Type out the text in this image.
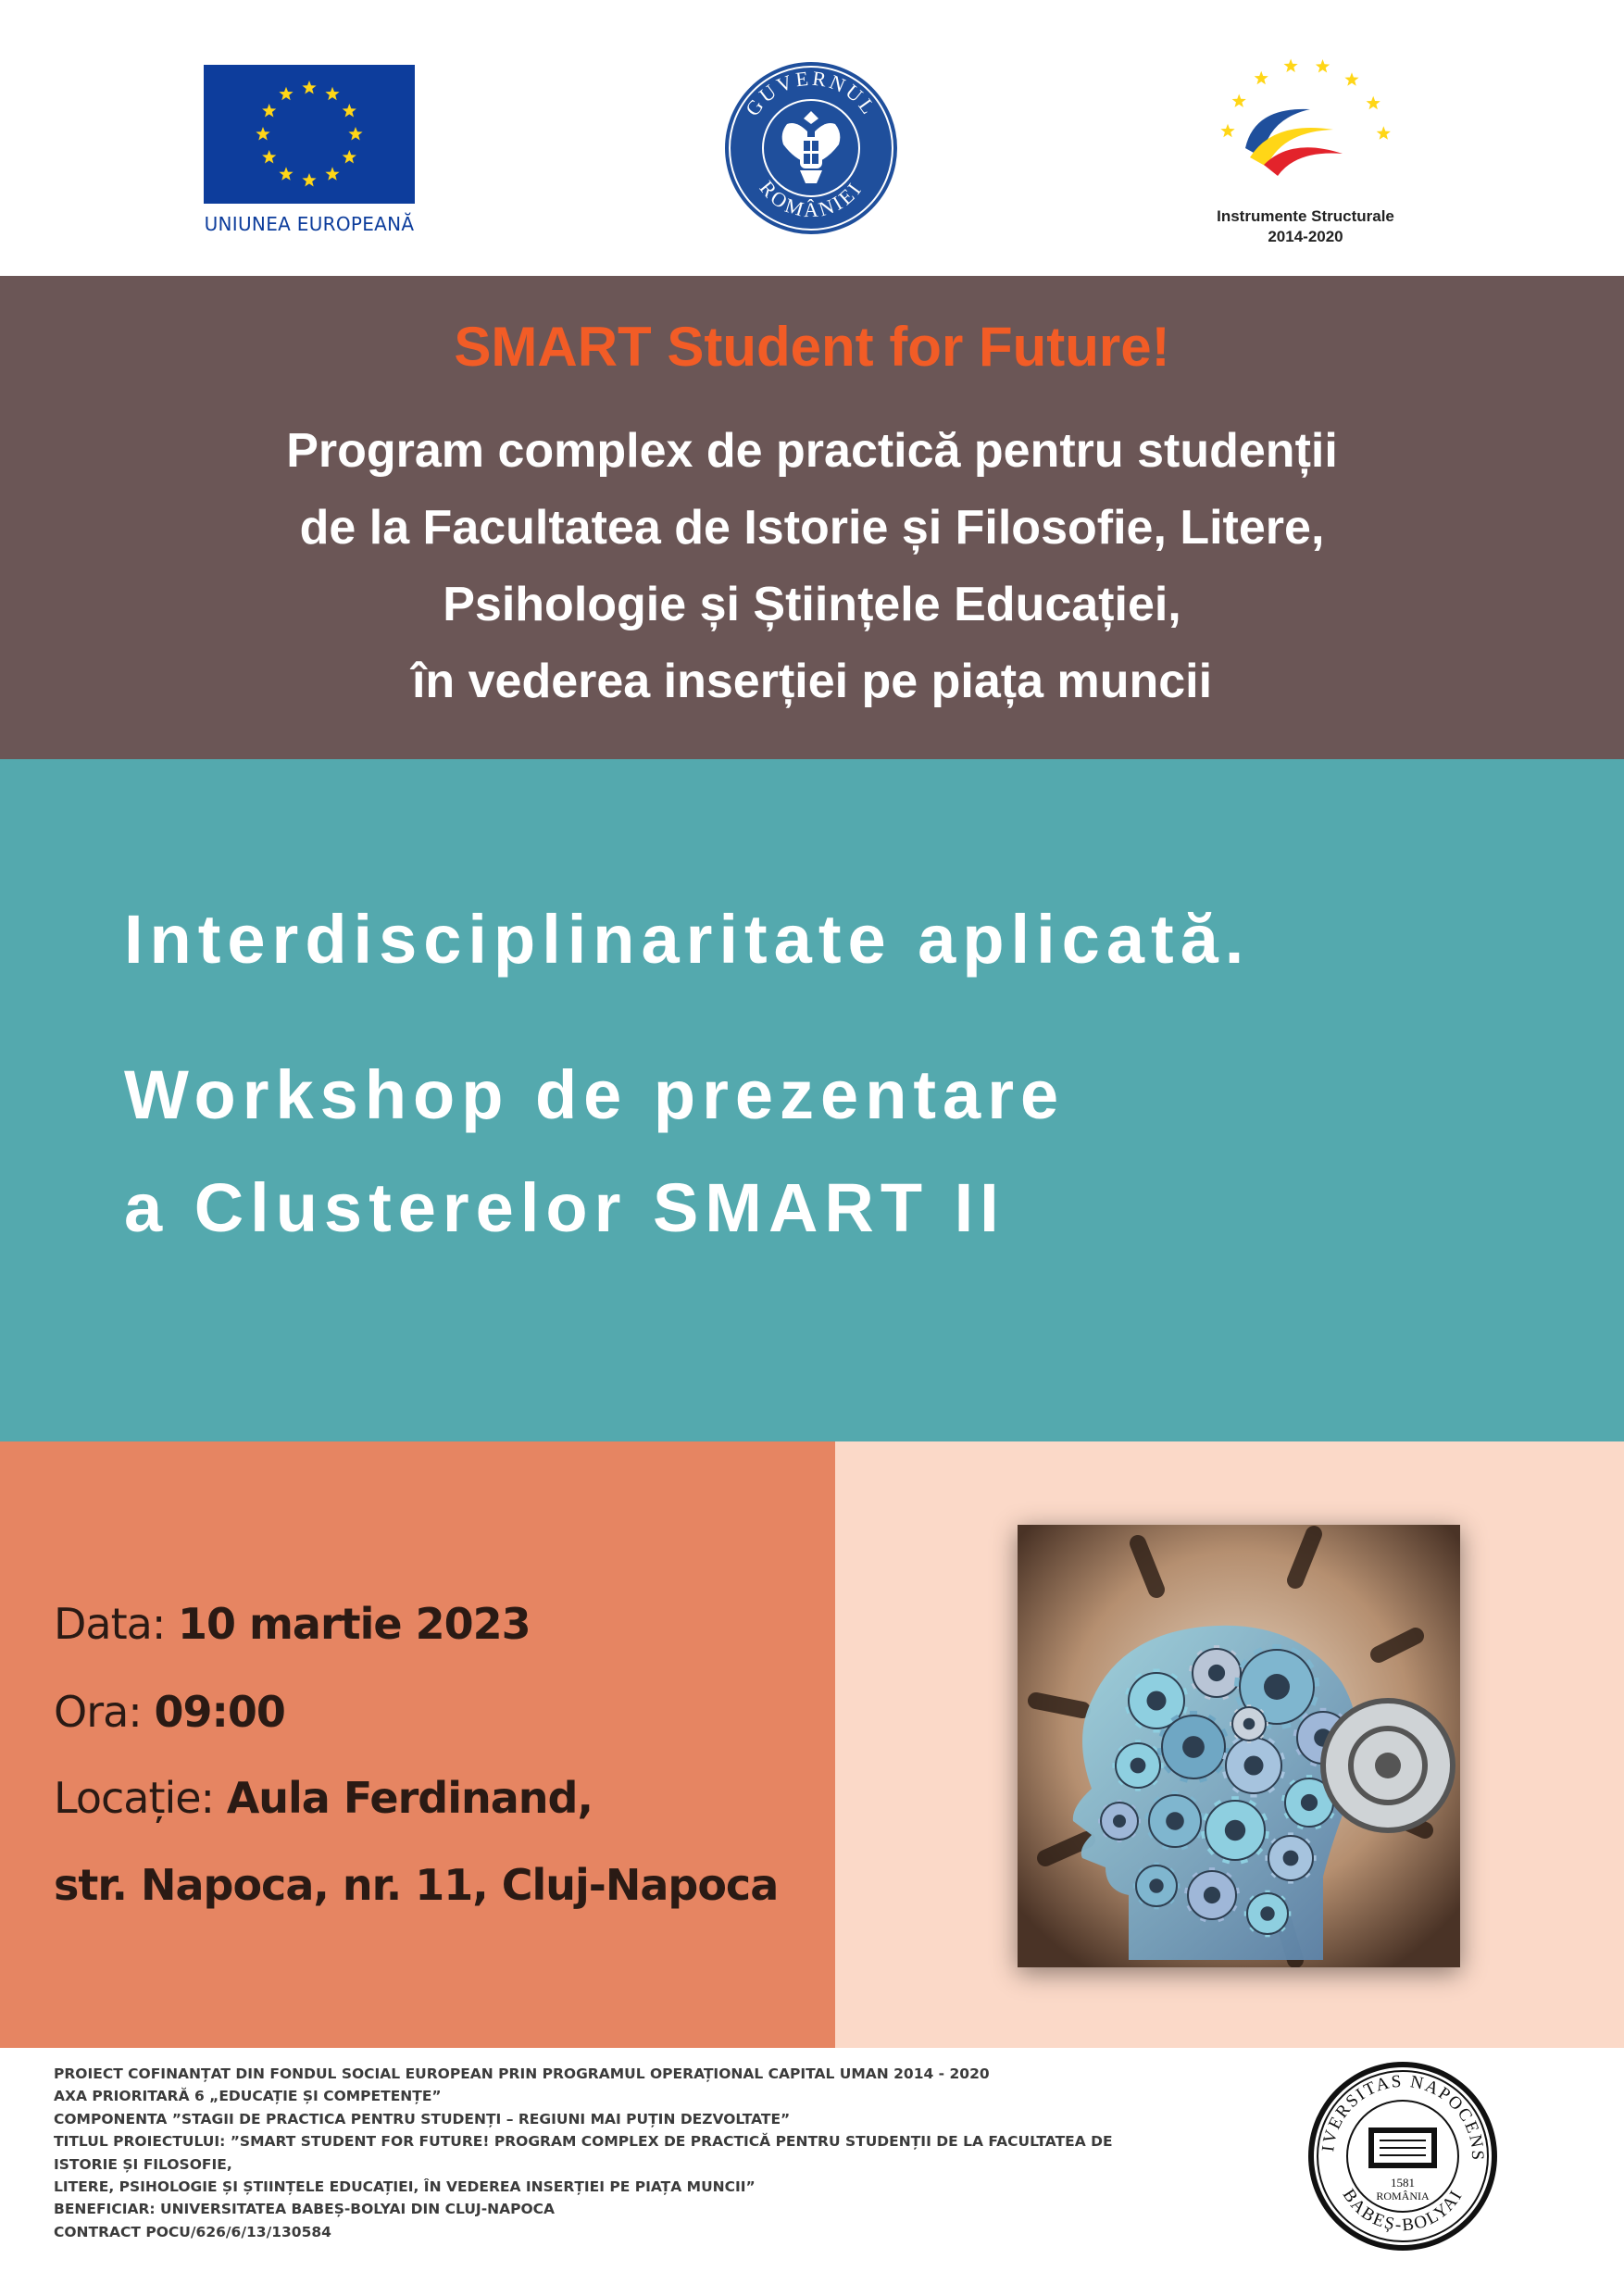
UNIUNEA EUROPEANĂ
GUVERNUL
ROMÂNIEI
Instrumente Structurale
2014-2020
SMART Student for Future!
Program complex de practică pentru studenții
de la Facultatea de Istorie și Filosofie, Litere,
Psihologie și Științele Educației,
în vederea inserției pe piața muncii
Interdisciplinaritate aplicată.
Workshop de prezentare
a Clusterelor SMART II
Data: 10 martie 2023
Ora: 09:00
Locație: Aula Ferdinand,
str. Napoca, nr. 11, Cluj-Napoca
PROIECT COFINANȚAT DIN FONDUL SOCIAL EUROPEAN PRIN PROGRAMUL OPERAȚIONAL CAPITAL UMAN 2014 - 2020
AXA PRIORITARĂ 6 „EDUCAȚIE ȘI COMPETENȚE”
COMPONENTA ”STAGII DE PRACTICA PENTRU STUDENȚI – REGIUNI MAI PUȚIN DEZVOLTATE”
TITLUL PROIECTULUI: ”SMART STUDENT FOR FUTURE! PROGRAM COMPLEX DE PRACTICĂ PENTRU STUDENȚII DE LA FACULTATEA DE
ISTORIE ȘI FILOSOFIE,
LITERE, PSIHOLOGIE ȘI ȘTIINȚELE EDUCAȚIEI, ÎN VEDEREA INSERȚIEI PE PIAȚA MUNCII”
BENEFICIAR: UNIVERSITATEA BABEȘ-BOLYAI DIN CLUJ-NAPOCA
CONTRACT POCU/626/6/13/130584
IVERSITAS NAPOCENS
BABEȘ-BOLYAI
1581
ROMÂNIA
